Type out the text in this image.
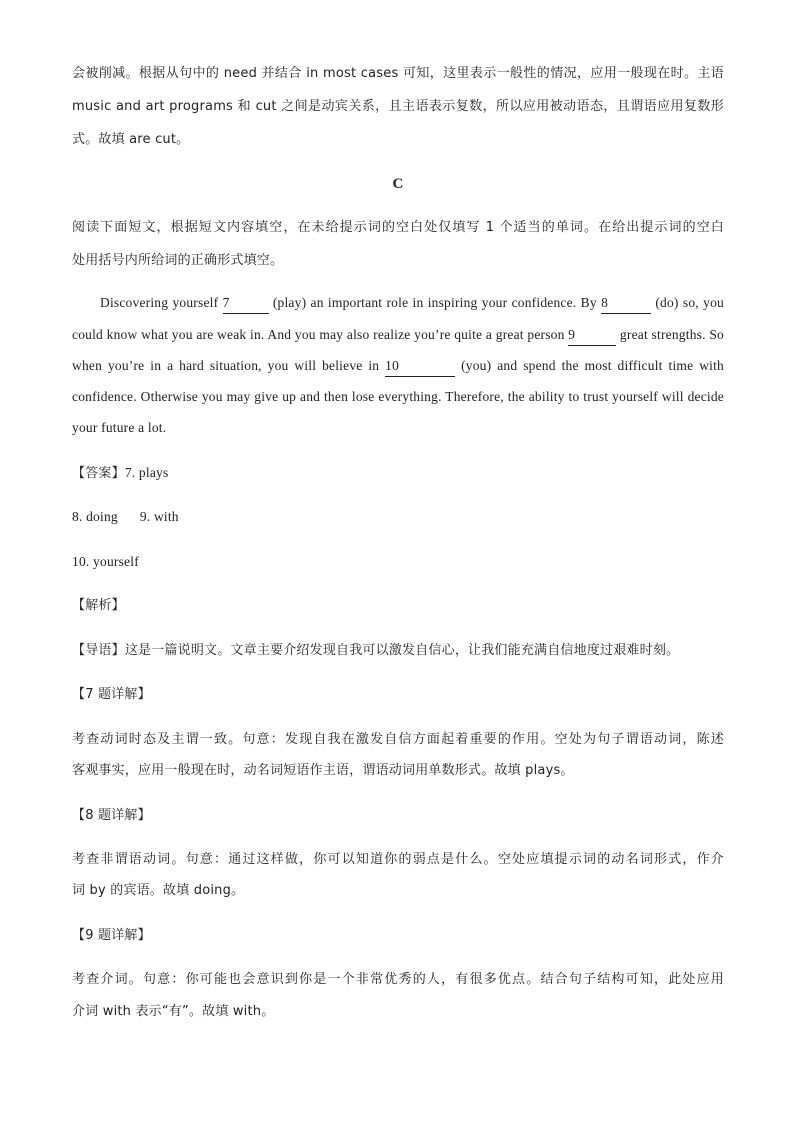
会被削减。根据从句中的 need 并结合 in most cases 可知，这里表示一般性的情况，应用一般现在时。主语
music and art programs 和 cut 之间是动宾关系，且主语表示复数，所以应用被动语态，且谓语应用复数形
式。故填 are cut。
C
阅读下面短文，根据短文内容填空，在未给提示词的空白处仅填写 1 个适当的单词。在给出提示词的空白
处用括号内所给词的正确形式填空。
Discovering yourself 7	(play) an important role in inspiring your confidence. By 8	(do) so, you
could know what you are weak in. And you may also realize you’re quite a great person 9	great strengths. So
when you’re in a hard situation, you will believe in 10	(you) and spend the most difficult time with
confidence. Otherwise you may give up and then lose everything. Therefore, the ability to trust yourself will decide
your future a lot.
【答案】7. plays
8. doing 9. with
10. yourself
【解析】
【导语】这是一篇说明文。文章主要介绍发现自我可以激发自信心，让我们能充满自信地度过艰难时刻。
【7 题详解】
考查动词时态及主谓一致。句意：发现自我在激发自信方面起着重要的作用。空处为句子谓语动词，陈述
客观事实，应用一般现在时，动名词短语作主语，谓语动词用单数形式。故填 plays。
【8 题详解】
考查非谓语动词。句意：通过这样做，你可以知道你的弱点是什么。空处应填提示词的动名词形式，作介
词 by 的宾语。故填 doing。
【9 题详解】
考查介词。句意：你可能也会意识到你是一个非常优秀的人，有很多优点。结合句子结构可知，此处应用
介词 with 表示“有”。故填 with。
